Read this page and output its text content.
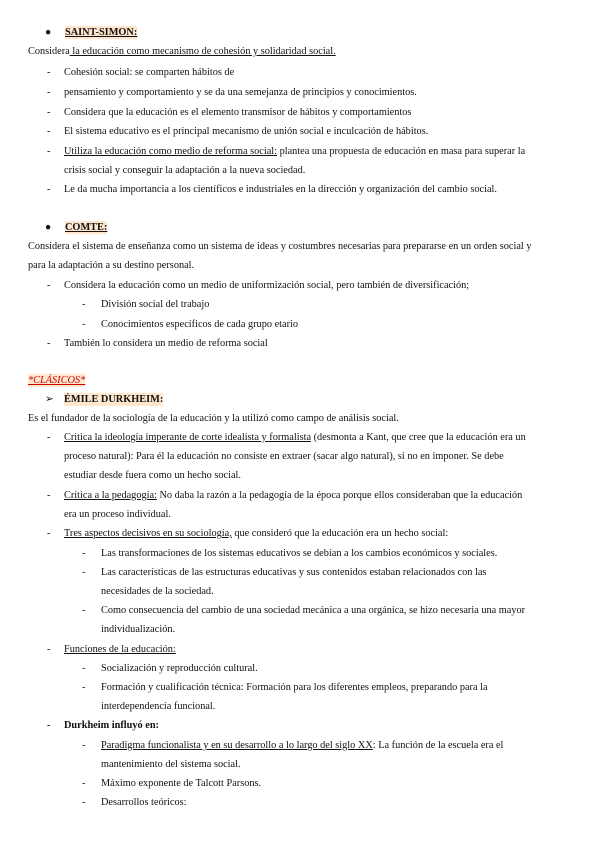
● SAINT-SIMON:
Considera la educación como mecanismo de cohesión y solidaridad social.
- Cohesión social: se comparten hábitos de
- pensamiento y comportamiento y se da una semejanza de principios y conocimientos.
- Considera que la educación es el elemento transmisor de hábitos y comportamientos
- El sistema educativo es el principal mecanismo de unión social e inculcación de hábitos.
- Utiliza la educación como medio de reforma social: plantea una propuesta de educación en masa para superar la
crisis social y conseguir la adaptación a la nueva sociedad.
- Le da mucha importancia a los científicos e industriales en la dirección y organización del cambio social.
● COMTE:
Considera el sistema de enseñanza como un sistema de ideas y costumbres necesarias para prepararse en un orden social y
para la adaptación a su destino personal.
- Considera la educación como un medio de uniformización social, pero también de diversificación;
- División social del trabajo
- Conocimientos específicos de cada grupo etario
- También lo considera un medio de reforma social
*CLÁSICOS*
➢ ÉMILE DURKHEIM:
Es el fundador de la sociología de la educación y la utilizó como campo de análisis social.
- Critica la ideología imperante de corte idealista y formalista (desmonta a Kant, que cree que la educación era un
proceso natural): Para él la educación no consiste en extraer (sacar algo natural), si no en imponer. Se debe
estudiar desde fuera como un hecho social.
- Crítica a la pedagogía: No daba la razón a la pedagogía de la época porque ellos consideraban que la educación
era un proceso individual.
- Tres aspectos decisivos en su sociología, que consideró que la educación era un hecho social:
- Las transformaciones de los sistemas educativos se debían a los cambios económicos y sociales.
- Las características de las estructuras educativas y sus contenidos estaban relacionados con las
necesidades de la sociedad.
- Como consecuencia del cambio de una sociedad mecánica a una orgánica, se hizo necesaria una mayor
individualización.
- Funciones de la educación:
- Socialización y reproducción cultural.
- Formación y cualificación técnica: Formación para los diferentes empleos, preparando para la
interdependencia funcional.
- Durkheim influyó en:
- Paradigma funcionalista y en su desarrollo a lo largo del siglo XX: La función de la escuela era el
mantenimiento del sistema social.
- Máximo exponente de Talcott Parsons.
- Desarrollos teóricos:
